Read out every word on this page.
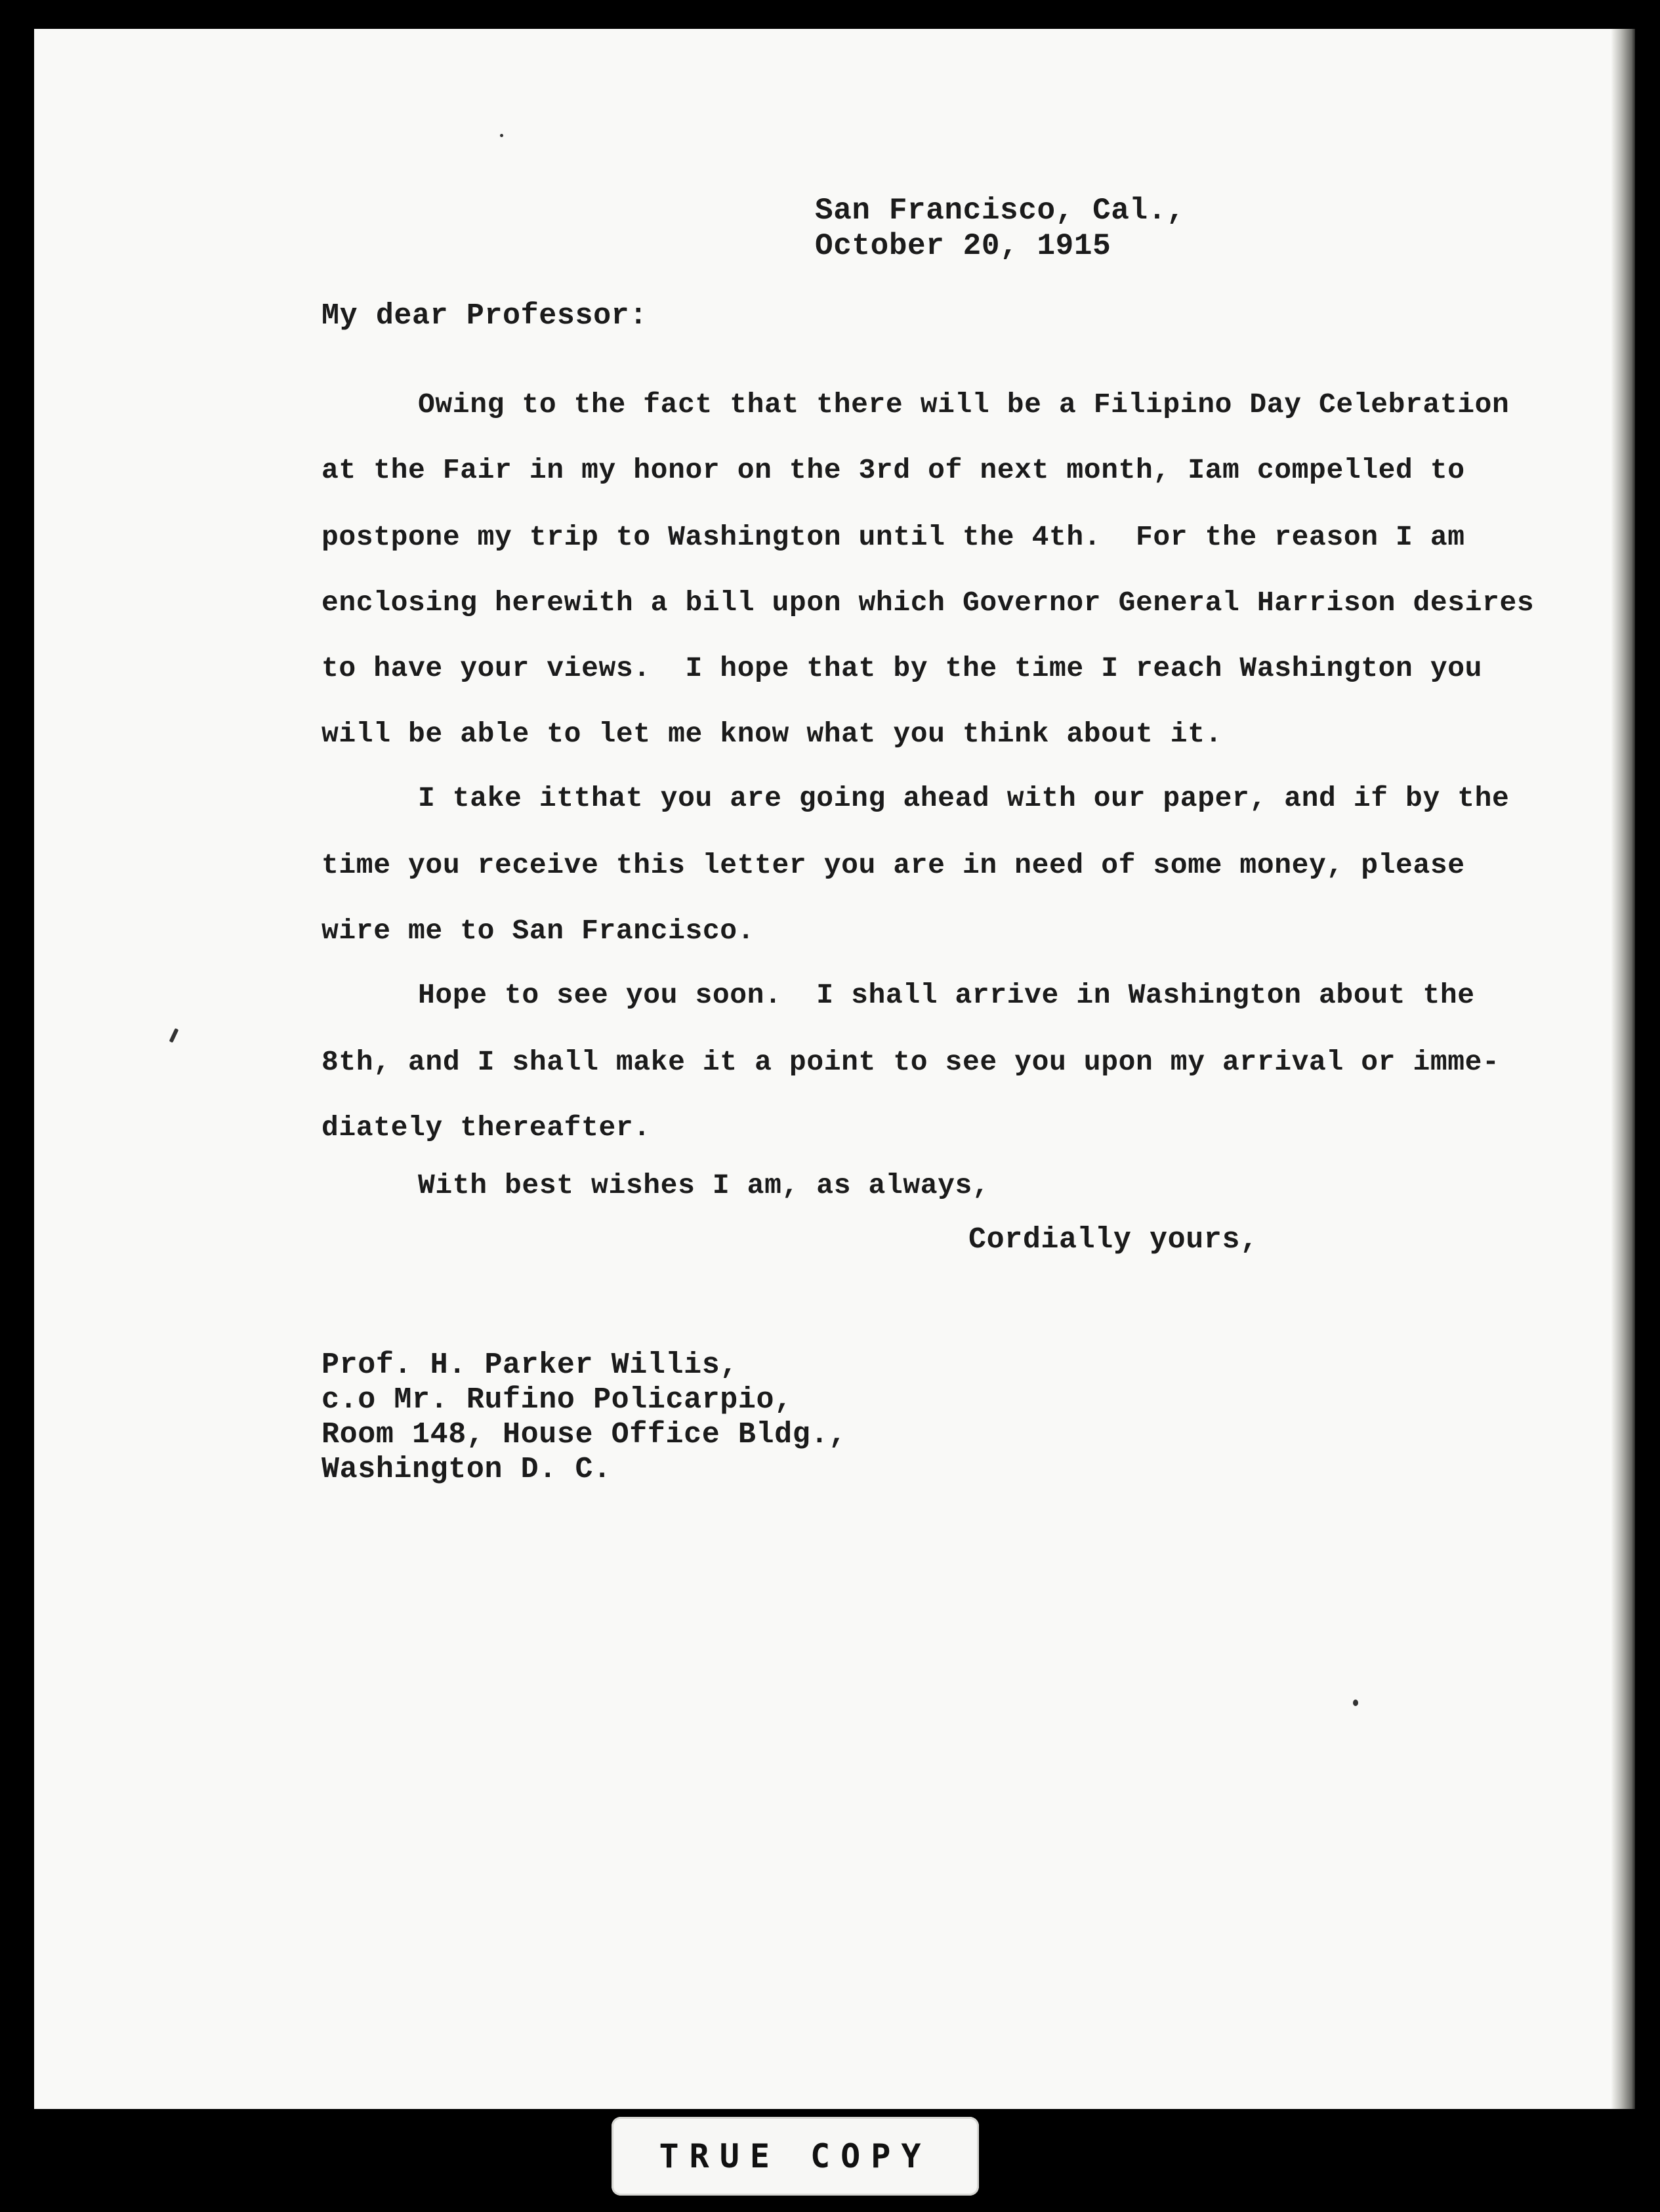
San Francisco, Cal.,
October 20, 1915
My dear Professor:
Owing to the fact that there will be a Filipino Day Celebration
at the Fair in my honor on the 3rd of next month, Iam compelled to
postpone my trip to Washington until the 4th.  For the reason I am
enclosing herewith a bill upon which Governor General Harrison desires
to have your views.  I hope that by the time I reach Washington you
will be able to let me know what you think about it.
I take itthat you are going ahead with our paper, and if by the
time you receive this letter you are in need of some money, please
wire me to San Francisco.
Hope to see you soon.  I shall arrive in Washington about the
8th, and I shall make it a point to see you upon my arrival or imme-
diately thereafter.
With best wishes I am, as always,
Cordially yours,
Prof. H. Parker Willis,
c.o Mr. Rufino Policarpio,
Room 148, House Office Bldg.,
Washington D. C.
TRUE COPY
